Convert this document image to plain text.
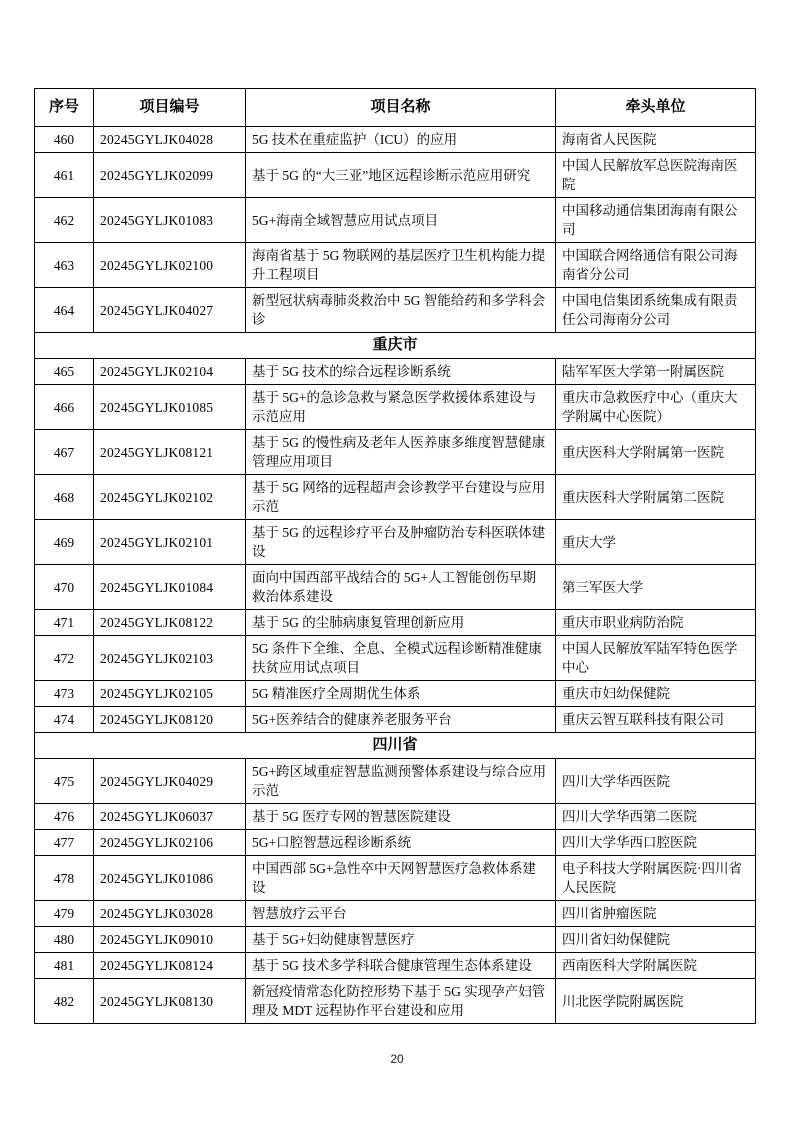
序号	项目编号	项目名称	牵头单位
460	20245GYLJK04028	5G 技术在重症监护（ICU）的应用	海南省人民医院
461	20245GYLJK02099	基于 5G 的“大三亚”地区远程诊断示范应用研究	中国人民解放军总医院海南医院
462	20245GYLJK01083	5G+海南全域智慧应用试点项目	中国移动通信集团海南有限公司
463	20245GYLJK02100	海南省基于 5G 物联网的基层医疗卫生机构能力提升工程项目	中国联合网络通信有限公司海南省分公司
464	20245GYLJK04027	新型冠状病毒肺炎救治中 5G 智能给药和多学科会诊	中国电信集团系统集成有限责任公司海南分公司
重庆市			
465	20245GYLJK02104	基于 5G 技术的综合远程诊断系统	陆军军医大学第一附属医院
466	20245GYLJK01085	基于 5G+的急诊急救与紧急医学救援体系建设与示范应用	重庆市急救医疗中心（重庆大学附属中心医院）
467	20245GYLJK08121	基于 5G 的慢性病及老年人医养康多维度智慧健康管理应用项目	重庆医科大学附属第一医院
468	20245GYLJK02102	基于 5G 网络的远程超声会诊教学平台建设与应用示范	重庆医科大学附属第二医院
469	20245GYLJK02101	基于 5G 的远程诊疗平台及肿瘤防治专科医联体建设	重庆大学
470	20245GYLJK01084	面向中国西部平战结合的 5G+人工智能创伤早期救治体系建设	第三军医大学
471	20245GYLJK08122	基于 5G 的尘肺病康复管理创新应用	重庆市职业病防治院
472	20245GYLJK02103	5G 条件下全维、全息、全模式远程诊断精准健康扶贫应用试点项目	中国人民解放军陆军特色医学中心
473	20245GYLJK02105	5G 精准医疗全周期优生体系	重庆市妇幼保健院
474	20245GYLJK08120	5G+医养结合的健康养老服务平台	重庆云智互联科技有限公司
四川省			
475	20245GYLJK04029	5G+跨区域重症智慧监测预警体系建设与综合应用示范	四川大学华西医院
476	20245GYLJK06037	基于 5G 医疗专网的智慧医院建设	四川大学华西第二医院
477	20245GYLJK02106	5G+口腔智慧远程诊断系统	四川大学华西口腔医院
478	20245GYLJK01086	中国西部 5G+急性卒中天网智慧医疗急救体系建设	电子科技大学附属医院·四川省人民医院
479	20245GYLJK03028	智慧放疗云平台	四川省肿瘤医院
480	20245GYLJK09010	基于 5G+妇幼健康智慧医疗	四川省妇幼保健院
481	20245GYLJK08124	基于 5G 技术多学科联合健康管理生态体系建设	西南医科大学附属医院
482	20245GYLJK08130	新冠疫情常态化防控形势下基于 5G 实现孕产妇管理及 MDT 远程协作平台建设和应用	川北医学院附属医院
20
